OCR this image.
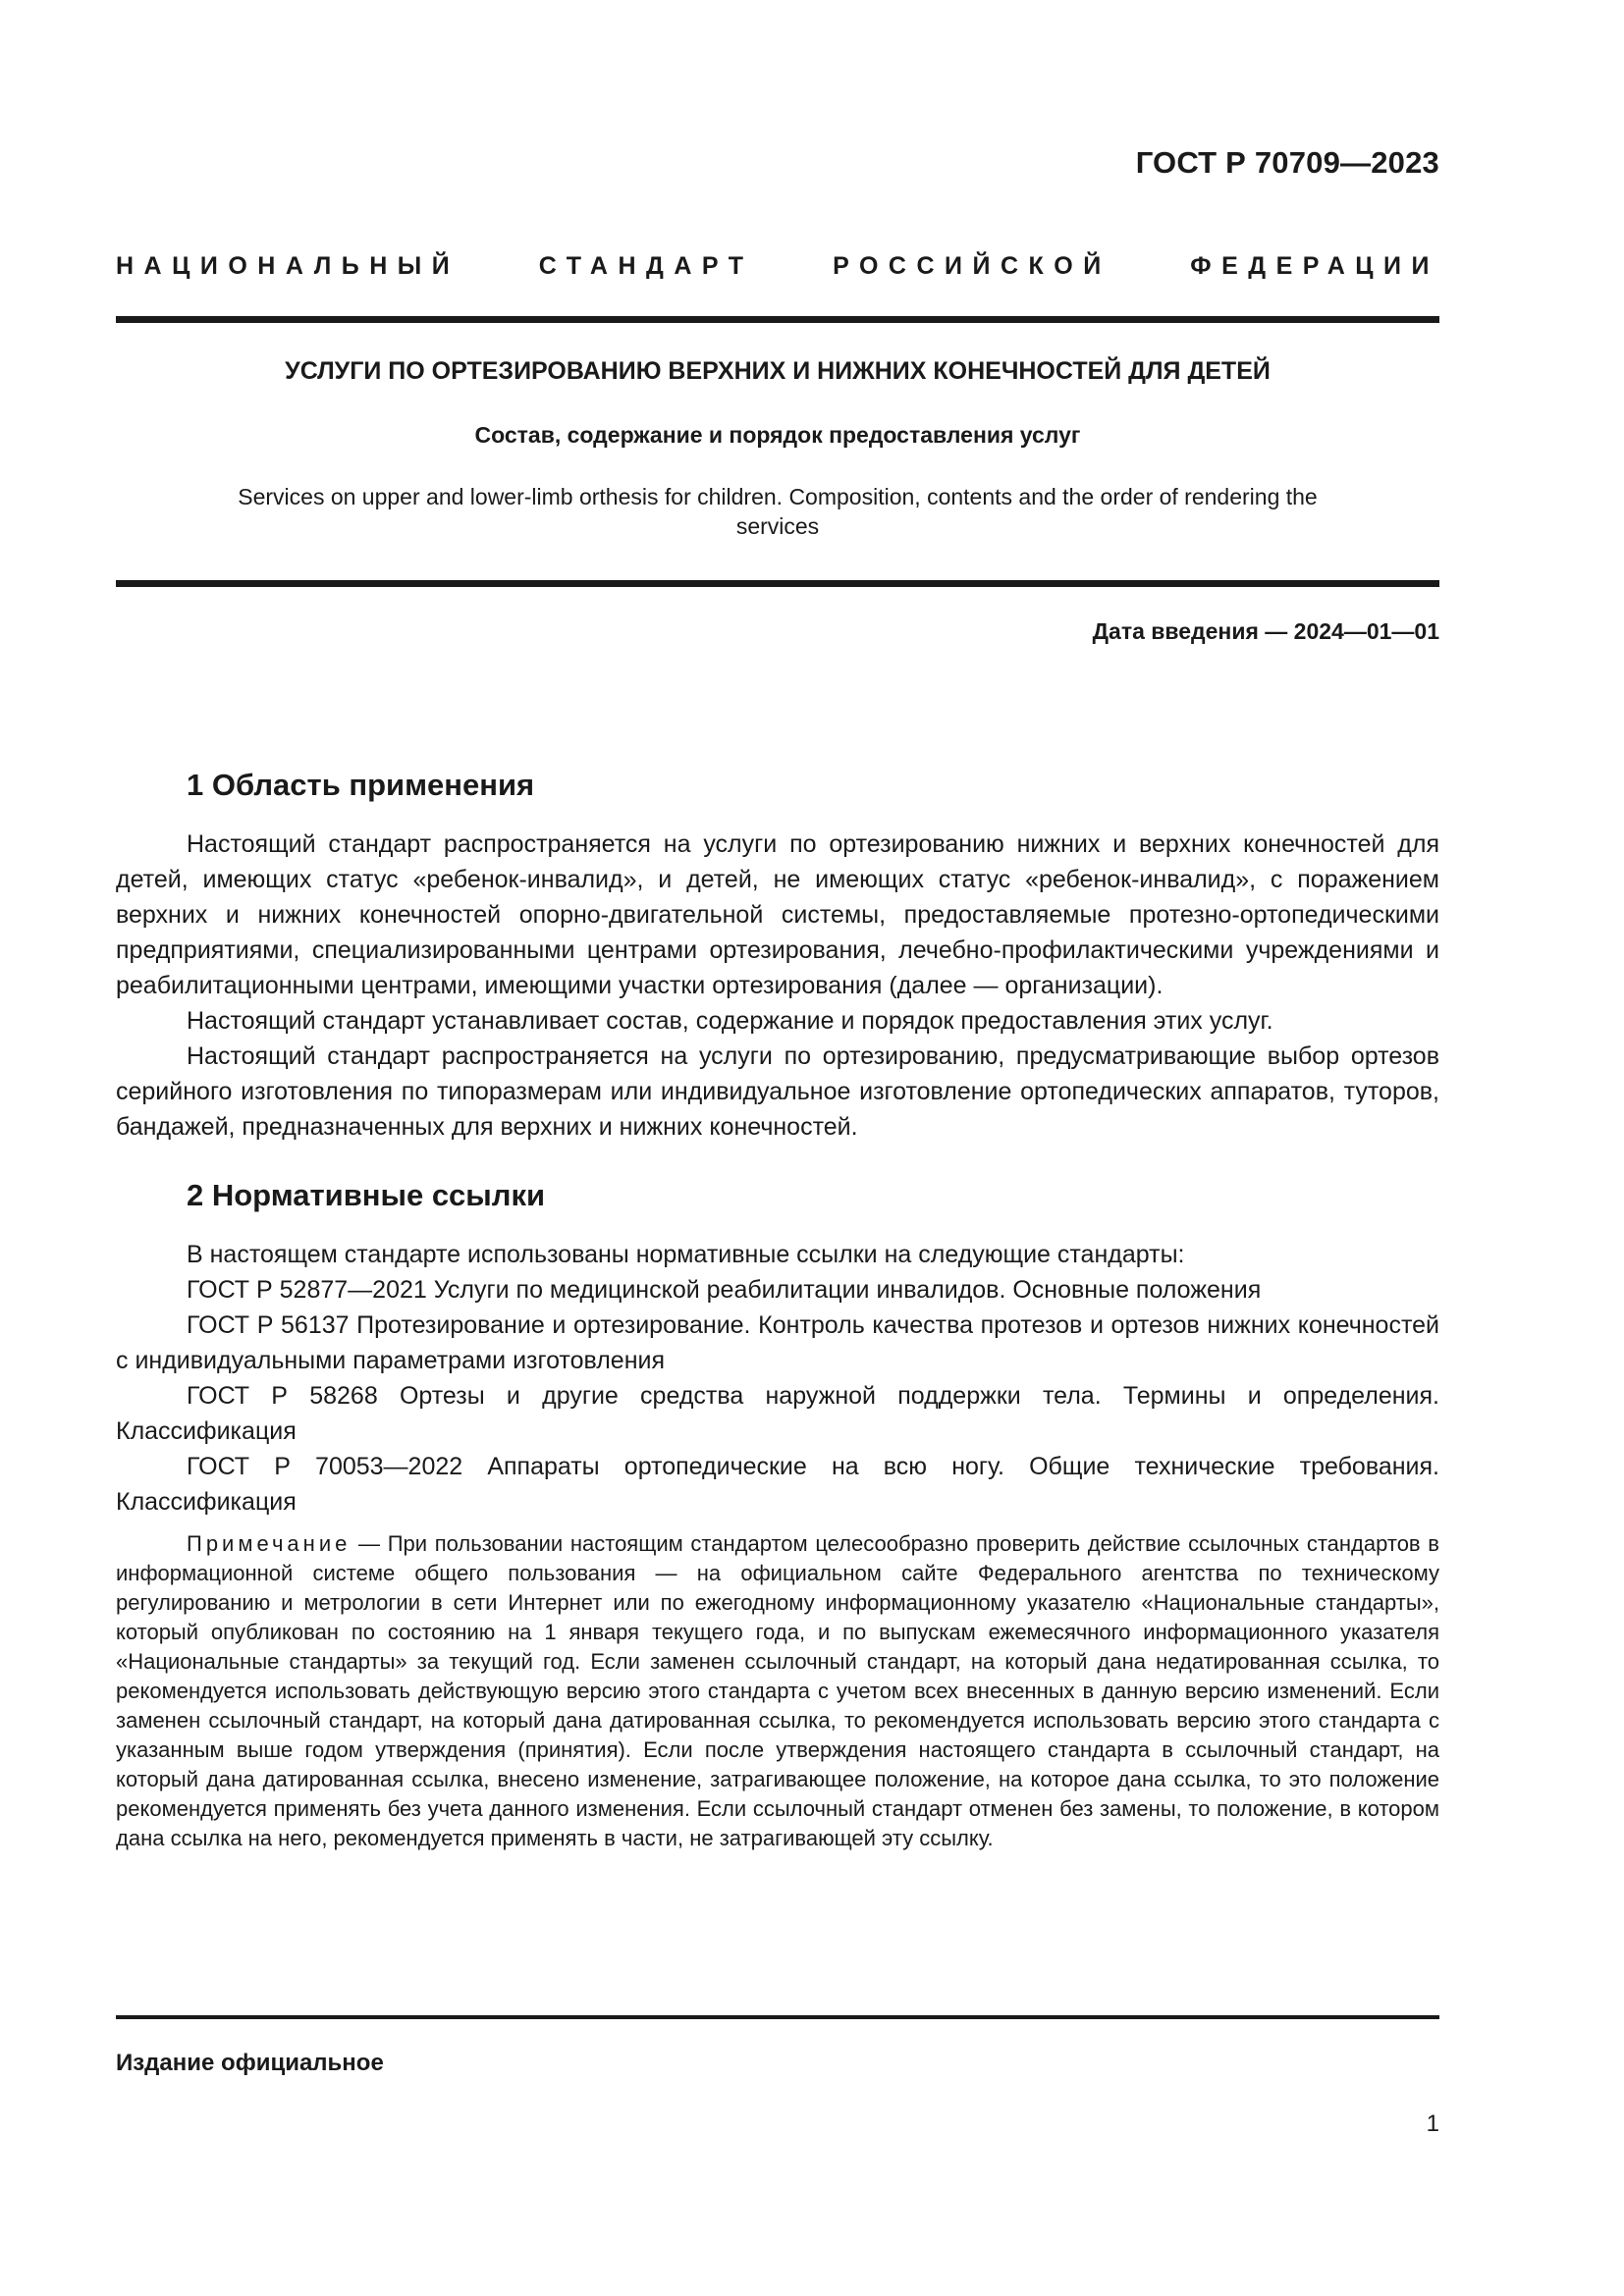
ГОСТ Р 70709—2023
НАЦИОНАЛЬНЫЙ СТАНДАРТ РОССИЙСКОЙ ФЕДЕРАЦИИ
УСЛУГИ ПО ОРТЕЗИРОВАНИЮ ВЕРХНИХ И НИЖНИХ КОНЕЧНОСТЕЙ ДЛЯ ДЕТЕЙ
Состав, содержание и порядок предоставления услуг
Services on upper and lower-limb orthesis for children. Composition, contents and the order of rendering the services
Дата введения — 2024—01—01
1 Область применения

Настоящий стандарт распространяется на услуги по ортезированию нижних и верхних конечностей для детей, имеющих статус «ребенок-инвалид», и детей, не имеющих статус «ребенок-инвалид», с поражением верхних и нижних конечностей опорно-двигательной системы, предоставляемые протезно-ортопедическими предприятиями, специализированными центрами ортезирования, лечебно-профилактическими учреждениями и реабилитационными центрами, имеющими участки ортезирования (далее — организации).

Настоящий стандарт устанавливает состав, содержание и порядок предоставления этих услуг.

Настоящий стандарт распространяется на услуги по ортезированию, предусматривающие выбор ортезов серийного изготовления по типоразмерам или индивидуальное изготовление ортопедических аппаратов, туторов, бандажей, предназначенных для верхних и нижних конечностей.

2 Нормативные ссылки

В настоящем стандарте использованы нормативные ссылки на следующие стандарты:

ГОСТ Р 52877—2021 Услуги по медицинской реабилитации инвалидов. Основные положения

ГОСТ Р 56137 Протезирование и ортезирование. Контроль качества протезов и ортезов нижних конечностей с индивидуальными параметрами изготовления

ГОСТ Р 58268 Ортезы и другие средства наружной поддержки тела. Термины и определения. Классификация

ГОСТ Р 70053—2022 Аппараты ортопедические на всю ногу. Общие технические требования. Классификация

Примечание — При пользовании настоящим стандартом целесообразно проверить действие ссылочных стандартов в информационной системе общего пользования — на официальном сайте Федерального агентства по техническому регулированию и метрологии в сети Интернет или по ежегодному информационному указателю «Национальные стандарты», который опубликован по состоянию на 1 января текущего года, и по выпускам ежемесячного информационного указателя «Национальные стандарты» за текущий год. Если заменен ссылочный стандарт, на который дана недатированная ссылка, то рекомендуется использовать действующую версию этого стандарта с учетом всех внесенных в данную версию изменений. Если заменен ссылочный стандарт, на который дана датированная ссылка, то рекомендуется использовать версию этого стандарта с указанным выше годом утверждения (принятия). Если после утверждения настоящего стандарта в ссылочный стандарт, на который дана датированная ссылка, внесено изменение, затрагивающее положение, на которое дана ссылка, то это положение рекомендуется применять без учета данного изменения. Если ссылочный стандарт отменен без замены, то положение, в котором дана ссылка на него, рекомендуется применять в части, не затрагивающей эту ссылку.

Издание официальное
1
